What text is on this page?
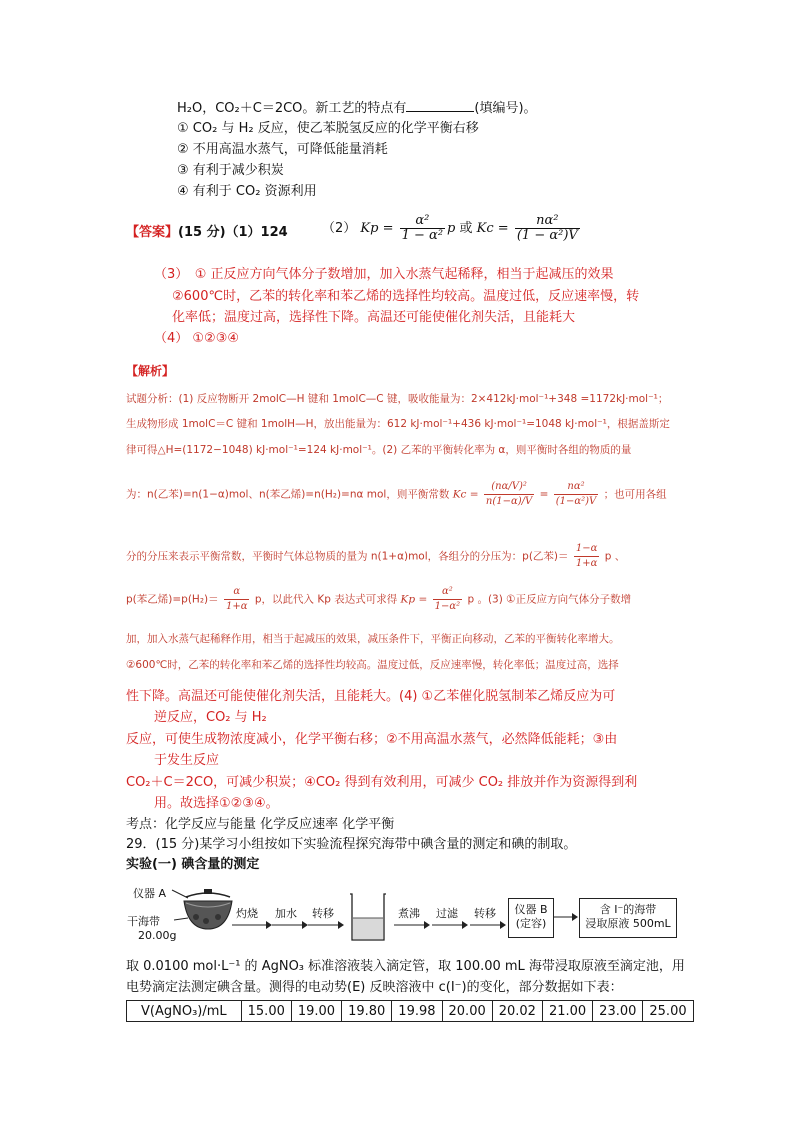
H₂O，CO₂＋C＝2CO。新工艺的特点有	(填编号)。
① CO₂ 与 H₂ 反应，使乙苯脱氢反应的化学平衡右移
② 不用高温水蒸气，可降低能量消耗
③ 有利于减少积炭
④ 有利于 CO₂ 资源利用
【答案】(15 分)（1）124	（2） $Kp = \frac{\text{α²}}{\text{1 − α²}}$ p 或 $Kc = \frac{\text{nα²}}{\text{(1 − α²)V}}$
（3）　① 正反应方向气体分子数增加，加入水蒸气起稀释，相当于起减压的效果
②600℃时，乙苯的转化率和苯乙烯的选择性均较高。温度过低，反应速率慢，转
化率低；温度过高，选择性下降。高温还可能使催化剂失活，且能耗大
（4） ①②③④
【解析】
试题分析：(1) 反应物断开 2molC—H 键和 1molC—C 键，吸收能量为：2×412kJ·mol⁻¹+348 =1172kJ·mol⁻¹；
生成物形成 1molC＝C 键和 1molH—H，放出能量为：612 kJ·mol⁻¹+436 kJ·mol⁻¹=1048 kJ·mol⁻¹，根据盖斯定
律可得△H=(1172−1048) kJ·mol⁻¹=124 kJ·mol⁻¹。(2) 乙苯的平衡转化率为 α，则平衡时各组的物质的量
为：n(乙苯)=n(1−α)mol、n(苯乙烯)=n(H₂)=nα mol，则平衡常数 $Kc = \frac{\text{(nα/V)²}}{n(1-\alpha)/V} = \frac{\text{nα²}}{\text{(1−α²)V}}$ ；也可用各组
分的分压来表示平衡常数，平衡时气体总物质的量为 n(1+α)mol，各组分的分压为：p(乙苯)＝ $\frac{1-\alpha}{1+\alpha}$ p 、
p(苯乙烯)$=p(H_2)= \frac{\alpha}{1+\alpha}$ p，以此代入 Kp 表达式可求得 $Kp = \frac{\text{α²}}{\text{1−α²}}$ p 。(3) ①正反应方向气体分子数增
加，加入水蒸气起稀释作用，相当于起减压的效果，减压条件下，平衡正向移动，乙苯的平衡转化率增大。
②600℃时，乙苯的转化率和苯乙烯的选择性均较高。温度过低，反应速率慢，转化率低；温度过高，选择
性下降。高温还可能使催化剂失活，且能耗大。(4) ①乙苯催化脱氢制苯乙烯反应为可
逆反应，CO₂ 与 H₂
反应，可使生成物浓度减小，化学平衡右移；②不用高温水蒸气，必然降低能耗；③由
于发生反应
CO₂＋C＝2CO，可减少积炭；④CO₂ 得到有效利用，可减少 CO₂ 排放并作为资源得到利
用。故选择①②③④。
考点：化学反应与能量 化学反应速率 化学平衡
29．(15 分)某学习小组按如下实验流程探究海带中碘含量的测定和碘的制取。
实验(一) 碘含量的测定
仪器 A
干海带
20.00g
灼烧 加水 转移	煮沸 过滤 转移	仪器 B
(定容)
含 I⁻的海带
浸取原液 500mL
取 0.0100 mol·L⁻¹ 的 AgNO₃ 标准溶液装入滴定管，取 100.00 mL 海带浸取原液至滴定池，用
电势滴定法测定碘含量。测得的电动势(E) 反映溶液中 c(I⁻)的变化，部分数据如下表：
V(AgNO₃)/mL	15.00	19.00	19.80	19.98	20.00	20.02	21.00	23.00	25.00
